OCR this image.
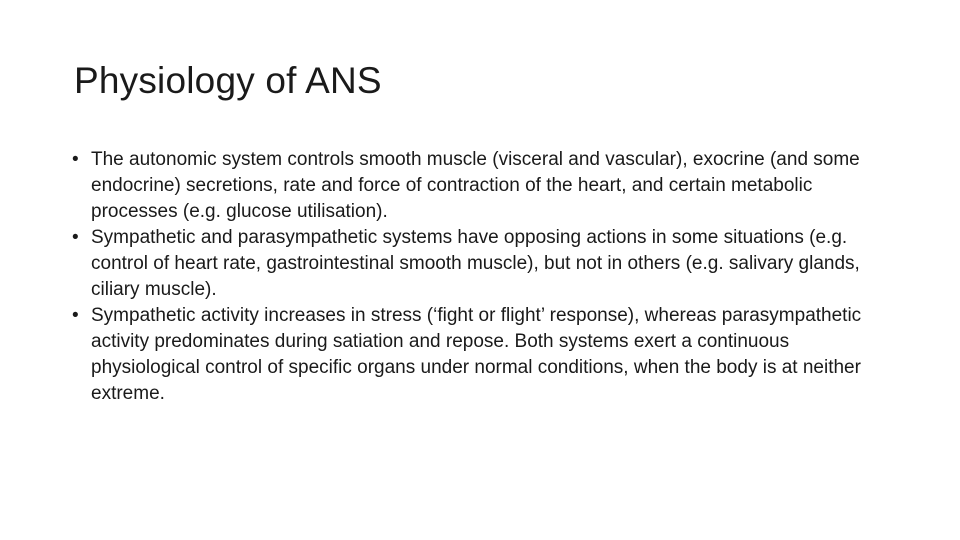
Physiology of ANS
• The autonomic system controls smooth muscle (visceral and vascular), exocrine (and some endocrine) secretions, rate and force of contraction of the heart, and certain metabolic processes (e.g. glucose utilisation).
• Sympathetic and parasympathetic systems have opposing actions in some situations (e.g. control of heart rate, gastrointestinal smooth muscle), but not in others (e.g. salivary glands, ciliary muscle).
• Sympathetic activity increases in stress (‘fight or flight’ response), whereas parasympathetic activity predominates during satiation and repose. Both systems exert a continuous physiological control of specific organs under normal conditions, when the body is at neither extreme.
